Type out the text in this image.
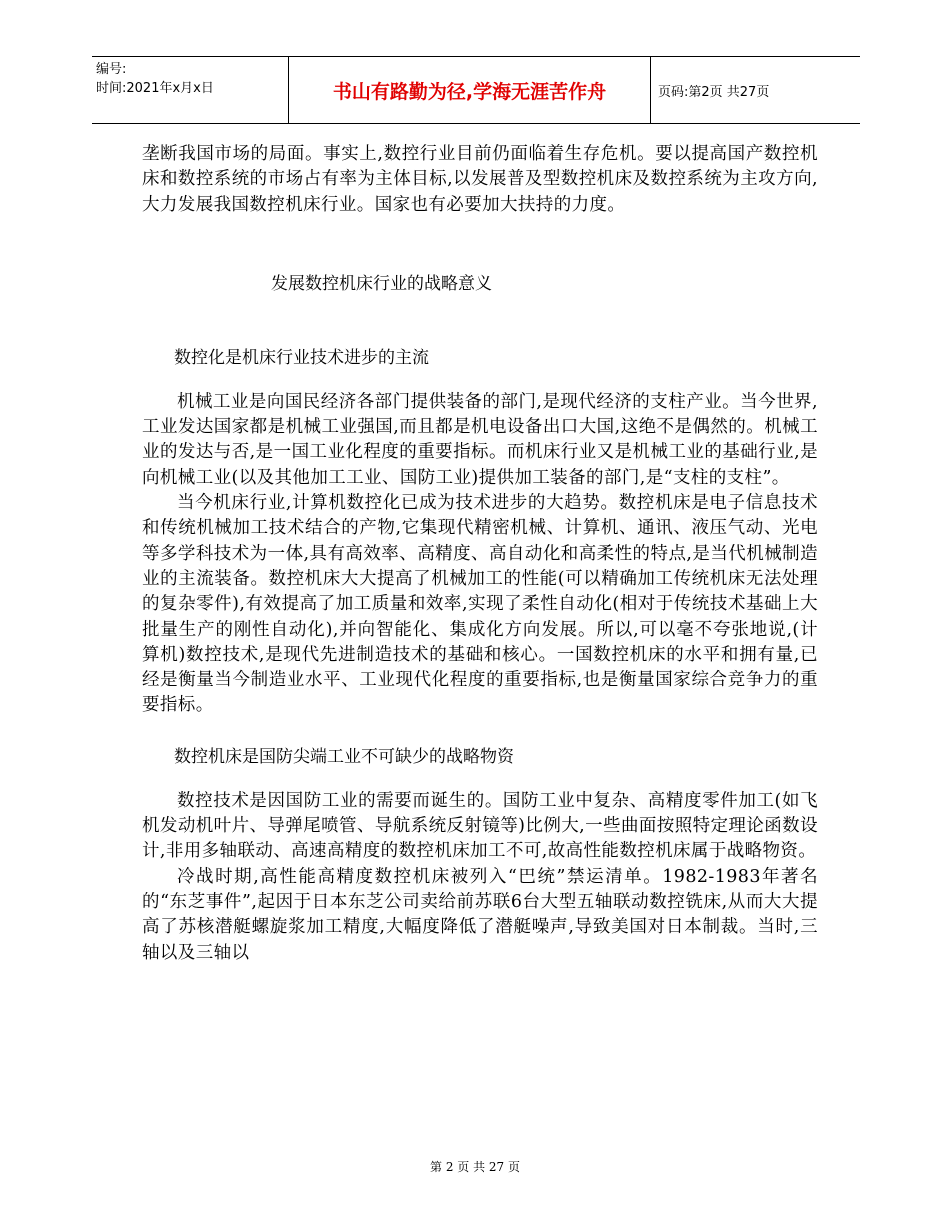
编号:
时间:2021年x月x日	书山有路勤为径,学海无涯苦作舟	页码:第2页 共27页

垄断我国市场的局面。事实上,数控行业目前仍面临着生存危机。要以提高国产数控机床和数控系统的市场占有率为主体目标,以发展普及型数控机床及数控系统为主攻方向,大力发展我国数控机床行业。国家也有必要加大扶持的力度。

发展数控机床行业的战略意义

数控化是机床行业技术进步的主流

机械工业是向国民经济各部门提供装备的部门,是现代经济的支柱产业。当今世界,工业发达国家都是机械工业强国,而且都是机电设备出口大国,这绝不是偶然的。机械工业的发达与否,是一国工业化程度的重要指标。而机床行业又是机械工业的基础行业,是向机械工业(以及其他加工工业、国防工业)提供加工装备的部门,是“支柱的支柱”。

当今机床行业,计算机数控化已成为技术进步的大趋势。数控机床是电子信息技术和传统机械加工技术结合的产物,它集现代精密机械、计算机、通讯、液压气动、光电等多学科技术为一体,具有高效率、高精度、高自动化和高柔性的特点,是当代机械制造业的主流装备。数控机床大大提高了机械加工的性能(可以精确加工传统机床无法处理的复杂零件),有效提高了加工质量和效率,实现了柔性自动化(相对于传统技术基础上大批量生产的刚性自动化),并向智能化、集成化方向发展。所以,可以毫不夸张地说,(计算机)数控技术,是现代先进制造技术的基础和核心。一国数控机床的水平和拥有量,已经是衡量当今制造业水平、工业现代化程度的重要指标,也是衡量国家综合竞争力的重要指标。

数控机床是国防尖端工业不可缺少的战略物资

数控技术是因国防工业的需要而诞生的。国防工业中复杂、高精度零件加工(如飞机发动机叶片、导弹尾喷管、导航系统反射镜等)比例大,一些曲面按照特定理论函数设计,非用多轴联动、高速高精度的数控机床加工不可,故高性能数控机床属于战略物资。

冷战时期,高性能高精度数控机床被列入“巴统”禁运清单。1982-1983年著名的“东芝事件”,起因于日本东芝公司卖给前苏联6台大型五轴联动数控铣床,从而大大提高了苏核潜艇螺旋浆加工精度,大幅度降低了潜艇噪声,导致美国对日本制裁。当时,三轴以及三轴以

第 2 页 共 27 页
